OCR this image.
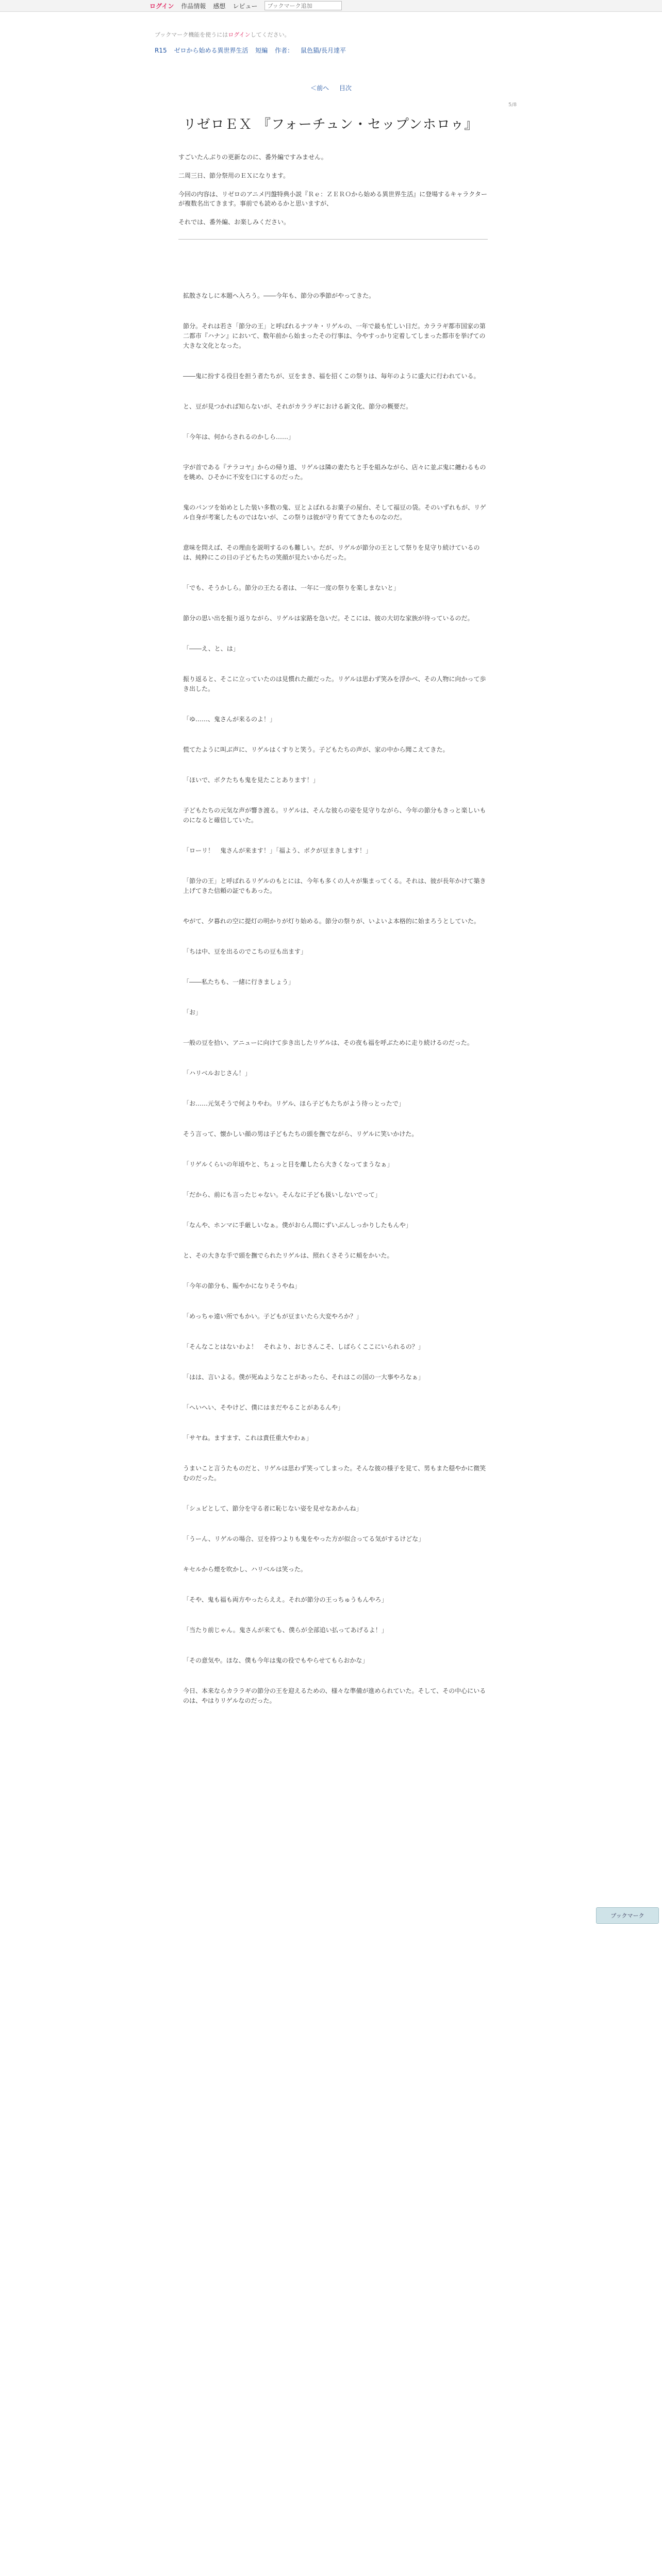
ログイン 作品情報 感想 レビュー
ブックマーク追加
ブックマーク機能を使うにはログインしてください。
R15 ゼロから始める異世界生活 短編 作者： 鼠色猫/長月達平
＜前へ 目次
5/8
リゼロＥＸ 『フォーチュン・セップンホロゥ』

すごいたんぶりの更新なのに、番外編ですみません。

二周三日、節分祭用のＥＸになります。

今回の内容は、リゼロのアニメ円盤特典小説『Ｒｅ：ＺＥＲＯから始める異世界生活』に登場するキャラクターが複数名出てきます。事前でも読めるかと思いますが、

それでは、番外編、お楽しみください。

拡散さなしに本題へ入ろう。――今年も、節分の季節がやってきた。

節分。それは若さ「節分の王」と呼ばれるナツキ・リゲルの、一年で最も忙しい日だ。カララギ都市国家の第二都市『ハナン』において、数年前から始まったその行事は、今やすっかり定着してしまった都市を挙げての大きな文化となった。

――鬼に扮する役目を担う者たちが、豆をまき、福を招くこの祭りは、毎年のように盛大に行われている。

と、豆が見つかれば知らないが、それがカララギにおける新文化、節分の概要だ。

「今年は、何からされるのかしら……」

字が首である『テラコヤ』からの帰り道、リゲルは隣の妻たちと手を組みながら、店々に並ぶ鬼に纏わるものを眺め、ひそかに不安を口にするのだった。

鬼のパンツを始めとした装い多数の鬼、豆とよばれるお菓子の屋台、そして福豆の袋。そのいずれもが、リゲル自身が考案したものではないが、この祭りは彼が守り育ててきたものなのだ。

意味を問えば、その理由を説明するのも難しい。だが、リゲルが節分の王として祭りを見守り続けているのは、純粋にこの日の子どもたちの笑顔が見たいからだった。

「でも、そうかしら。節分の王たる者は、一年に一度の祭りを楽しまないと」

節分の思い出を振り返りながら、リゲルは家路を急いだ。そこには、彼の大切な家族が待っているのだ。

「――え、と、は」

振り返ると、そこに立っていたのは見慣れた顔だった。リゲルは思わず笑みを浮かべ、その人物に向かって歩き出した。

「ゆ……、鬼さんが来るのよ！」

慌てたように叫ぶ声に、リゲルはくすりと笑う。子どもたちの声が、家の中から聞こえてきた。

「ほいで、ボクたちも鬼を見たことあります！」

子どもたちの元気な声が響き渡る。リゲルは、そんな彼らの姿を見守りながら、今年の節分もきっと楽しいものになると確信していた。

「ローリ！　鬼さんが来ます！」「福よう、ボクが豆まきします！」

「節分の王」と呼ばれるリゲルのもとには、今年も多くの人々が集まってくる。それは、彼が長年かけて築き上げてきた信頼の証でもあった。

やがて、夕暮れの空に提灯の明かりが灯り始める。節分の祭りが、いよいよ本格的に始まろうとしていた。

「ちは中、豆を出るのでこちの豆も出ます」

「――私たちも、一緒に行きましょう」

「お」

一般の豆を拾い、アニューに向けて歩き出したリゲルは、その夜も福を呼ぶために走り続けるのだった。

「ハリベルおじさん！」

「お……元気そうで何よりやわ。リゲル、ほら子どもたちがよう待っとったで」

そう言って、懐かしい顔の男は子どもたちの頭を撫でながら、リゲルに笑いかけた。

「リゲルくらいの年頃やと、ちょっと目を離したら大きくなってまうなぁ」

「だから、前にも言ったじゃない。そんなに子ども扱いしないでって」

「なんや、ホンマに手厳しいなぁ。僕がおらん間にずいぶんしっかりしたもんや」

と、その大きな手で頭を撫でられたリゲルは、照れくさそうに頬をかいた。

「今年の節分も、賑やかになりそうやね」

「めっちゃ遠い所でもかい。子どもが豆まいたら大変やろか？」

「そんなことはないわよ！　それより、おじさんこそ、しばらくここにいられるの？」

「はは、言いよる。僕が死ぬようなことがあったら、それはこの国の一大事やろなぁ」

「へいへい、そやけど、僕にはまだやることがあるんや」

「サヤね。ますます、これは責任重大やわぁ」

うまいこと言うたものだと、リゲルは思わず笑ってしまった。そんな彼の様子を見て、男もまた穏やかに微笑むのだった。

「シュビとして、節分を守る者に恥じない姿を見せなあかんね」

「うーん、リゲルの場合、豆を持つよりも鬼をやった方が似合ってる気がするけどな」

キセルから煙を吹かし、ハリベルは笑った。

「そや、鬼も福も両方やったらええ。それが節分の王っちゅうもんやろ」

「当たり前じゃん。鬼さんが来ても、僕らが全部追い払ってあげるよ！」

「その意気や。ほな、僕も今年は鬼の役でもやらせてもらおかな」

今日、本来ならカララギの節分の王を迎えるための、様々な準備が進められていた。そして、その中心にいるのは、やはりリゲルなのだった。

ブックマーク
